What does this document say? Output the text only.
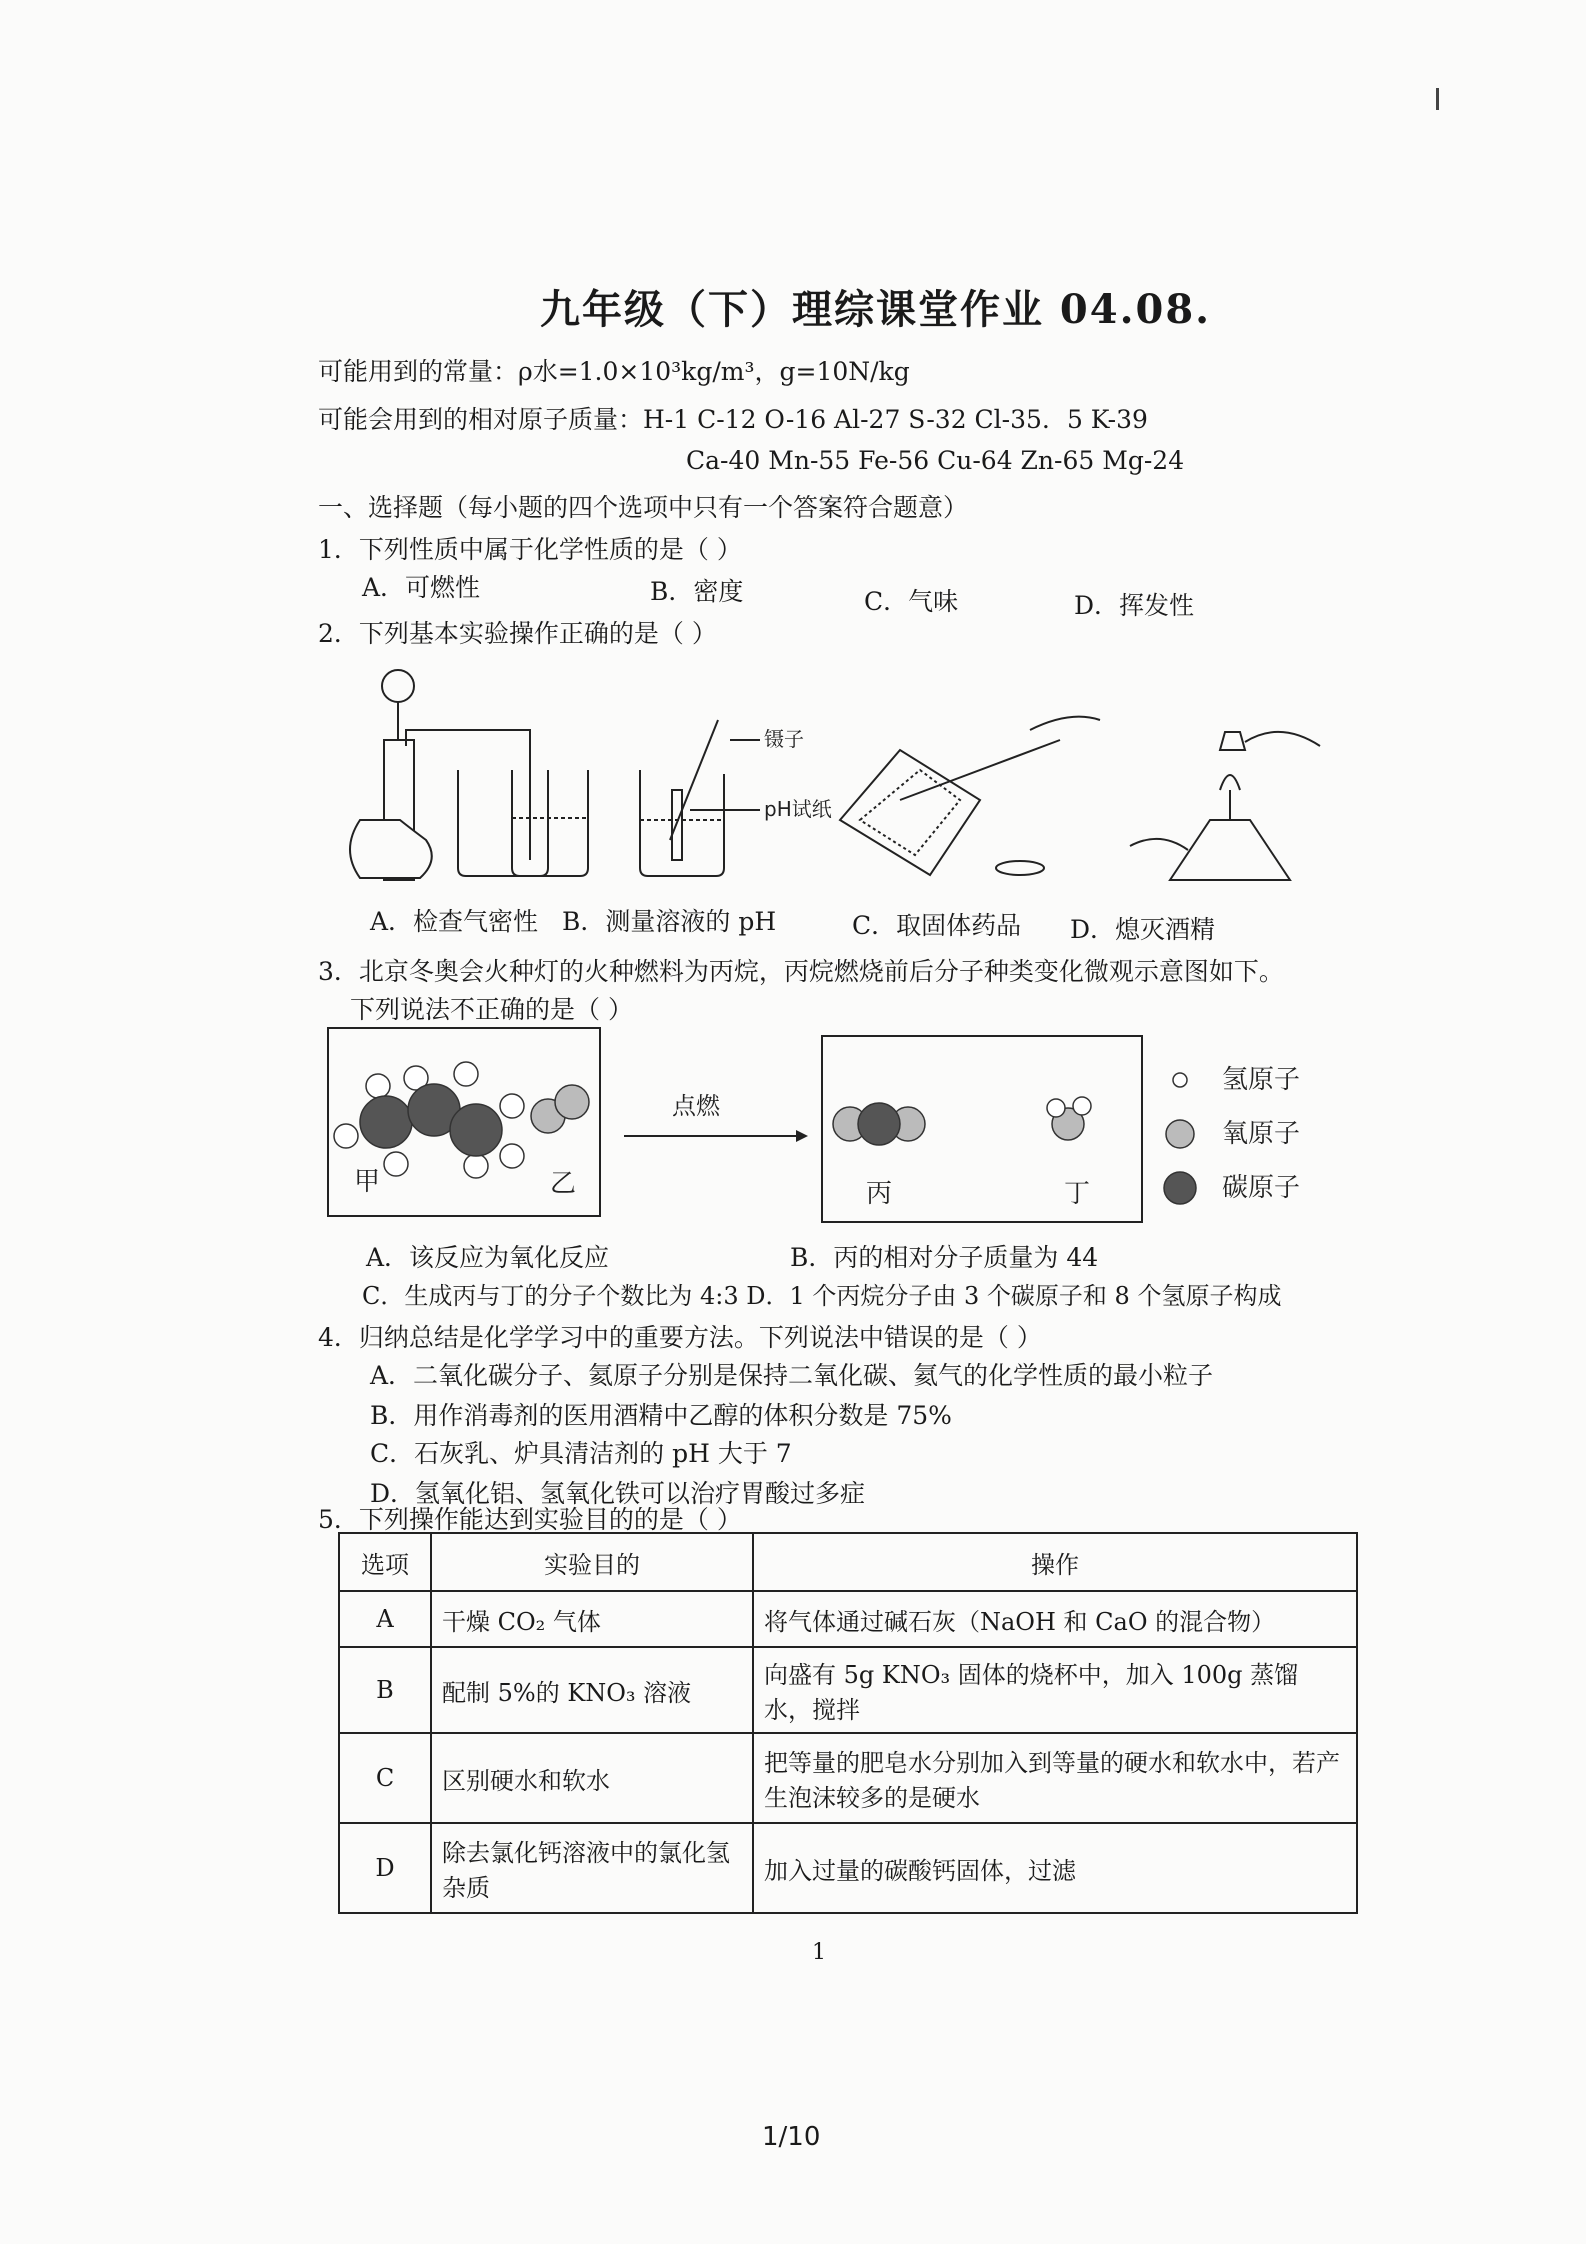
九年级（下）理综课堂作业 04.08.
可能用到的常量：ρ水=1.0×10³kg/m³，g=10N/kg
可能会用到的相对原子质量：H-1 C-12 O-16 Al-27 S-32 Cl-35．5 K-39
Ca-40 Mn-55 Fe-56 Cu-64 Zn-65 Mg-24
一、选择题（每小题的四个选项中只有一个答案符合题意）
1．下列性质中属于化学性质的是（ ）
A．可燃性	B．密度	C．气味	D．挥发性
2．下列基本实验操作正确的是（ ）
镊子
pH试纸
A．检查气密性 B．测量溶液的 pH	C．取固体药品 D．熄灭酒精
3．北京冬奥会火种灯的火种燃料为丙烷，丙烷燃烧前后分子种类变化微观示意图如下。
下列说法不正确的是（ ）
甲	乙
点燃
丙	丁
氢原子
氧原子
碳原子
A．该反应为氧化反应	B．丙的相对分子质量为 44
C．生成丙与丁的分子个数比为 4:3 D．1 个丙烷分子由 3 个碳原子和 8 个氢原子构成
4．归纳总结是化学学习中的重要方法。下列说法中错误的是（ ）
A．二氧化碳分子、氦原子分别是保持二氧化碳、氦气的化学性质的最小粒子
B．用作消毒剂的医用酒精中乙醇的体积分数是 75%
C．石灰乳、炉具清洁剂的 pH 大于 7
D．氢氧化铝、氢氧化铁可以治疗胃酸过多症
5．下列操作能达到实验目的的是（ ）
选项	实验目的	操作
A	干燥 CO₂ 气体	将气体通过碱石灰（NaOH 和 CaO 的混合物）
B	配制 5%的 KNO₃ 溶液	向盛有 5g KNO₃ 固体的烧杯中，加入 100g 蒸馏水，搅拌
C	区别硬水和软水	把等量的肥皂水分别加入到等量的硬水和软水中，若产生泡沫较多的是硬水
D	除去氯化钙溶液中的氯化氢杂质	加入过量的碳酸钙固体，过滤
1
1/10
